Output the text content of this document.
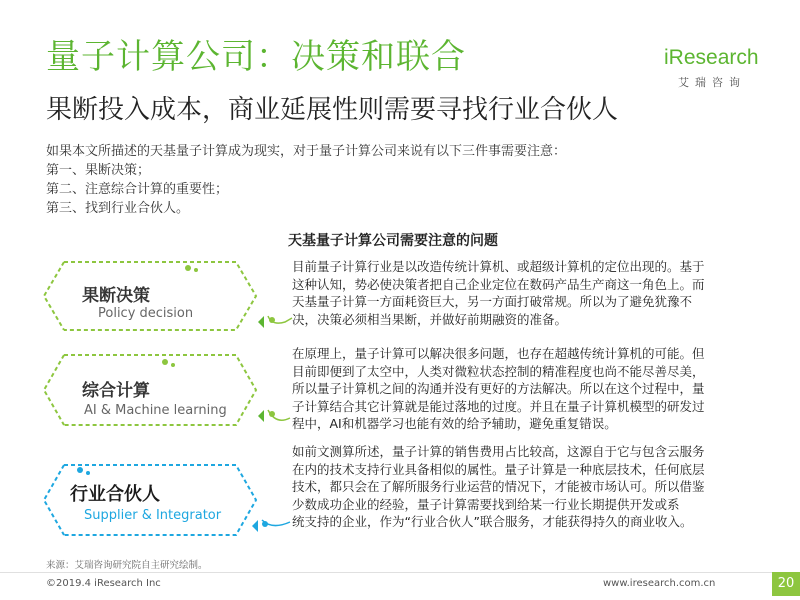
量子计算公司：决策和联合
果断投入成本，商业延展性则需要寻找行业合伙人
iResearch
艾瑞咨询
如果本文所描述的天基量子计算成为现实，对于量子计算公司来说有以下三件事需要注意：
第一、果断决策；
第二、注意综合计算的重要性；
第三、找到行业合伙人。
天基量子计算公司需要注意的问题
果断决策
Policy decision
综合计算
AI & Machine learning
行业合伙人
Supplier & Integrator
目前量子计算行业是以改造传统计算机、或超级计算机的定位出现的。基于
这种认知，势必使决策者把自己企业定位在数码产品生产商这一角色上。而
天基量子计算一方面耗资巨大，另一方面打破常规。所以为了避免犹豫不
决，决策必须相当果断，并做好前期融资的准备。
在原理上，量子计算可以解决很多问题，也存在超越传统计算机的可能。但
目前即便到了太空中，人类对微粒状态控制的精准程度也尚不能尽善尽美，
所以量子计算机之间的沟通并没有更好的方法解决。所以在这个过程中，量
子计算结合其它计算就是能过落地的过度。并且在量子计算机模型的研发过
程中，AI和机器学习也能有效的给予辅助，避免重复错误。
如前文测算所述，量子计算的销售费用占比较高，这源自于它与包含云服务
在内的技术支持行业具备相似的属性。量子计算是一种底层技术，任何底层
技术，都只会在了解所服务行业运营的情况下，才能被市场认可。所以借鉴
少数成功企业的经验，量子计算需要找到给某一行业长期提供开发或系
统支持的企业，作为“行业合伙人”联合服务，才能获得持久的商业收入。
来源：艾瑞咨询研究院自主研究绘制。
©2019.4 iResearch Inc	www.iresearch.com.cn	20
